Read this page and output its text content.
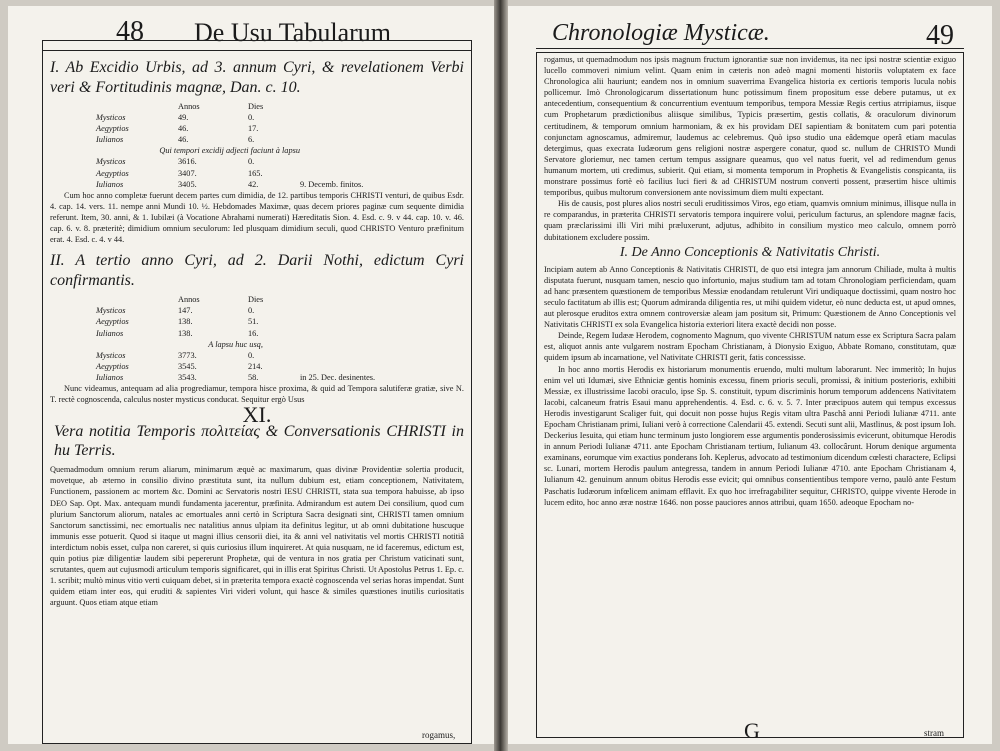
48 De Usu Tabularum
I. Ab Excidio Urbis, ad 3. annum Cyri, & revelationem Verbi veri & Fortitudinis magnæ, Dan. c. 10.
	Annos	Dies	
Mysticos	49.	0.	
Aegyptios	46.	17.	
Iulianos	46.	6.	
Qui tempori excidij adjecti faciunt à lapsu			
Mysticos	3616.	0.	
Aegyptios	3407.	165.	
Iulianos	3405.	42.	9. Decemb. finitos.

Cum hoc anno completæ fuerunt decem partes cum dimidia, de 12. partibus temporis CHRISTI venturi, de quibus Esdr. 4. cap. 14. vers. 11. nempe anni Mundi 10. ½. Hebdomades Maximæ, quas decem priores paginæ cum sequente dimidia referunt. Item, 30. anni, & 1. Iubilæi (à Vocatione Abrahami numerati) Hæreditatis Sion. 4. Esd. c. 9. v 44. cap. 10. v. 46. cap. 6. v. 8. præteritè; dimidium omnium seculorum: Ied plusquam dimidium seculi, quod CHRISTO Venturo præfinitum erat. 4. Esd. c. 4. v 44.

II. A tertio anno Cyri, ad 2. Darii Nothi, edictum Cyri confirmantis.
	Annos	Dies	
Mysticos	147.	0.	
Aegyptios	138.	51.	
Iulianos	138.	16.	
A lapsu huc usq,			
Mysticos	3773.	0.	
Aegyptios	3545.	214.	
Iulianos	3543.	58.	in 25. Dec. desinentes.

Nunc videamus, antequam ad alia progrediamur, tempora hisce proxima, & quid ad Tempora salutiferæ gratiæ, sive N. T. rectè cognoscenda, calculus noster mysticus conducat. Sequitur ergò Usus

XI.
Vera notitia Temporis πολιτείας & Conversationis CHRISTI in hu Terris.

Quemadmodum omnium rerum aliarum, minimarum æquè ac maximarum, quas divinæ Providentiæ solertia producit, movetque, ab æterno in consilio divino præstituta sunt, ita nullum dubium est, etiam conceptionem, Nativitatem, Functionem, passionem ac mortem &c. Domini ac Servatoris nostri IESU CHRISTI, stata sua tempora habuisse, ab ipso DEO Sap. Opt. Max. antequam mundi fundamenta jacerentur, præfinita. Admirandum est autem Dei consilium, quod cum plurium Sanctorum aliorum, natales ac emortuales anni certò in Scriptura Sacra designati sint, CHRISTI tamen omnium Sanctorum sanctissimi, nec emortualis nec natalitius annus ulpiam ita definitus legitur, ut ab omni dubitatione huscuque immunis esse potuerit. Quod si itaque ut magni illius censorii diei, ita & anni vel nativitatis vel mortis CHRISTI notitiâ interdictum nobis esset, culpa non careret, si quis curiosius illum inquireret. At quia nusquam, ne id faceremus, edictum est, quin potius piæ diligentiæ laudem sibi pepererunt Prophetæ, qui de ventura in nos gratia per Christum vaticinati sunt, scrutantes, quem aut cujusmodi articulum temporis significaret, qui in illis erat Spiritus Christi. Ut Apostolus Petrus 1. Ep. c. 1. scribit; multò minus vitio verti cuiquam debet, si in præterita tempora exactè cognoscenda vel serias horas impendat. Sunt quidem etiam inter eos, qui eruditi & sapientes Viri videri volunt, qui hasce & similes quæstiones inutilis curiositatis arguunt. Quos etiam atque etiam

rogamus,
Chronologiæ Mysticæ.	49

rogamus, ut quemadmodum nos ipsis magnum fructum ignorantiæ suæ non invidemus, ita nec ipsi nostræ scientiæ exiguo lucello commoveri nimium velint. Quam enim in cæteris non adeò magni momenti historiis voluptatem ex face Chronologica alii hauriunt; eandem nos in omnium suaverrima Evangelica historia ex certioris temporis lucula nobis pollicemur. Imò Chronologicarum dissertationum hunc potissimum finem propositum esse debere putamus, ut ex antecedentium, consequentium & concurrentium eventuum temporibus, tempora Messiæ Regis certius atrripiamus, iisque cum Prophetarum prædictionibus aliisque similibus, Typicis præsertim, gestis collatis, & oraculorum divinorum certitudinem, & temporum omnium harmoniam, & ex his providam DEI sapientiam & bonitatem cum pari potentia conjunctam agnoscamus, admiremur, laudemus ac celebremus. Quò ipso studio una eâdemque operâ etiam maculas detergimus, quas execrata Iudæorum gens religioni nostræ aspergere conatur, quod sc. nullum de CHRISTO Mundi Servatore gloriemur, nec tamen certum tempus assignare queamus, quo vel natus fuerit, vel ad redimendum genus humanum mortem, uti credimus, subierit. Qui etiam, si momenta temporum in Prophetis & Evangelistis conspicanta, iis monstrare possimus fortè eò facilius luci fieri & ad CHRISTUM nostrum converti possent, præsertim hisce ultimis temporibus, quibus multorum conversionem ante novissimum diem multi expectant.

His de causis, post plures alios nostri seculi eruditissimos Viros, ego etiam, quamvis omnium minimus, illisque nulla in re comparandus, in præterita CHRISTI servatoris tempora inquirere volui, periculum facturus, an splendore magnæ facis, quam præclarissimi illi Viri mihi præluxerunt, adjutus, adhibito in consilium mystico meo calculo, omnem porrò dubitationem excludere possim.

I. De Anno Conceptionis & Nativitatis Christi.

Incipiam autem ab Anno Conceptionis & Nativitatis CHRISTI, de quo etsi integra jam annorum Chiliade, multa à multis disputata fuerunt, nusquam tamen, nescio quo infortunio, majus studium tam ad totam Chronologiam perficiendam, quam ad hanc præsentem quæstionem de temporibus Messiæ enodandam retulerunt Viri undiquaque doctissimi, quam nostro hoc seculo factitatum ab illis est; Quorum admiranda diligentia res, ut mihi quidem videtur, eò nunc deducta est, ut apud omnes, aut plerosque eruditos extra omnem controversiæ aleam jam positum sit, Primum: Quæstionem de Anno Conceptionis vel Nativitatis CHRISTI ex sola Evangelica historia exteriori litera exactè decidi non posse.

Deinde, Regem Iudææ Herodem, cognomento Magnum, quo vivente CHRISTUM natum esse ex Scriptura Sacra palam est, aliquot annis ante vulgarem nostram Epocham Christianam, à Dionysio Exiguo, Abbate Romano, constitutam, quæ quidem ipsum ab incarnatione, vel Nativitate CHRISTI gerit, fatis concessisse.

In hoc anno mortis Herodis ex historiarum monumentis eruendo, multi multum laborarunt. Nec immeritò; In hujus enim vel uti Idumæi, sive Ethniciæ gentis hominis excessu, finem prioris seculi, promissi, & initium posterioris, exhibiti Messiæ, ex illustrissime Iacobi oraculo, ipse Sp. S. constituit, typum discriminis horum temporum addencens Nativitatem Iacobi, calcaneum fratris Esaui manu apprehendentis. 4. Esd. c. 6. v. 5. 7. Inter præcipuos autem qui tempus excessus Herodis investigarunt Scaliger fuit, qui docuit non posse hujus Regis vitam ultra Paschâ anni Periodi Iulianæ 4711. ante Epocham Christianam primi, Iuliani verò à correctione Calendarii 45. extendi. Secuti sunt alii, Mastlinus, & post ipsum Ioh. Deckerius Iesuita, qui etiam hunc terminum justo longiorem esse argumentis ponderosissimis evicerunt, obitumque Herodis in annum Periodi Iulianæ 4711. ante Epocham Christianam tertium, Iulianum 43. collocârunt. Horum denique argumenta examinans, eorumque vim exactius ponderans Ioh. Keplerus, advocato ad testimonium dicendum cœlesti charactere, Eclipsi sc. Lunari, mortem Herodis paulum antegressa, tandem in annum Periodi Iulianæ 4710. ante Epocham Christianam 4, Iulianum 42. genuinum annum obitus Herodis esse evicit; qui omnibus consentientibus tempore verno, paulò ante Festum Paschatis Iudæorum infœlicem animam efflavit. Ex quo hoc irrefragabiliter sequitur, CHRISTO, quippe vivente Herode in lucem edito, hoc anno æræ nostræ 1646. non posse pauciores annos attribui, quam 1650. adeoque Epocham no-

G	stram
